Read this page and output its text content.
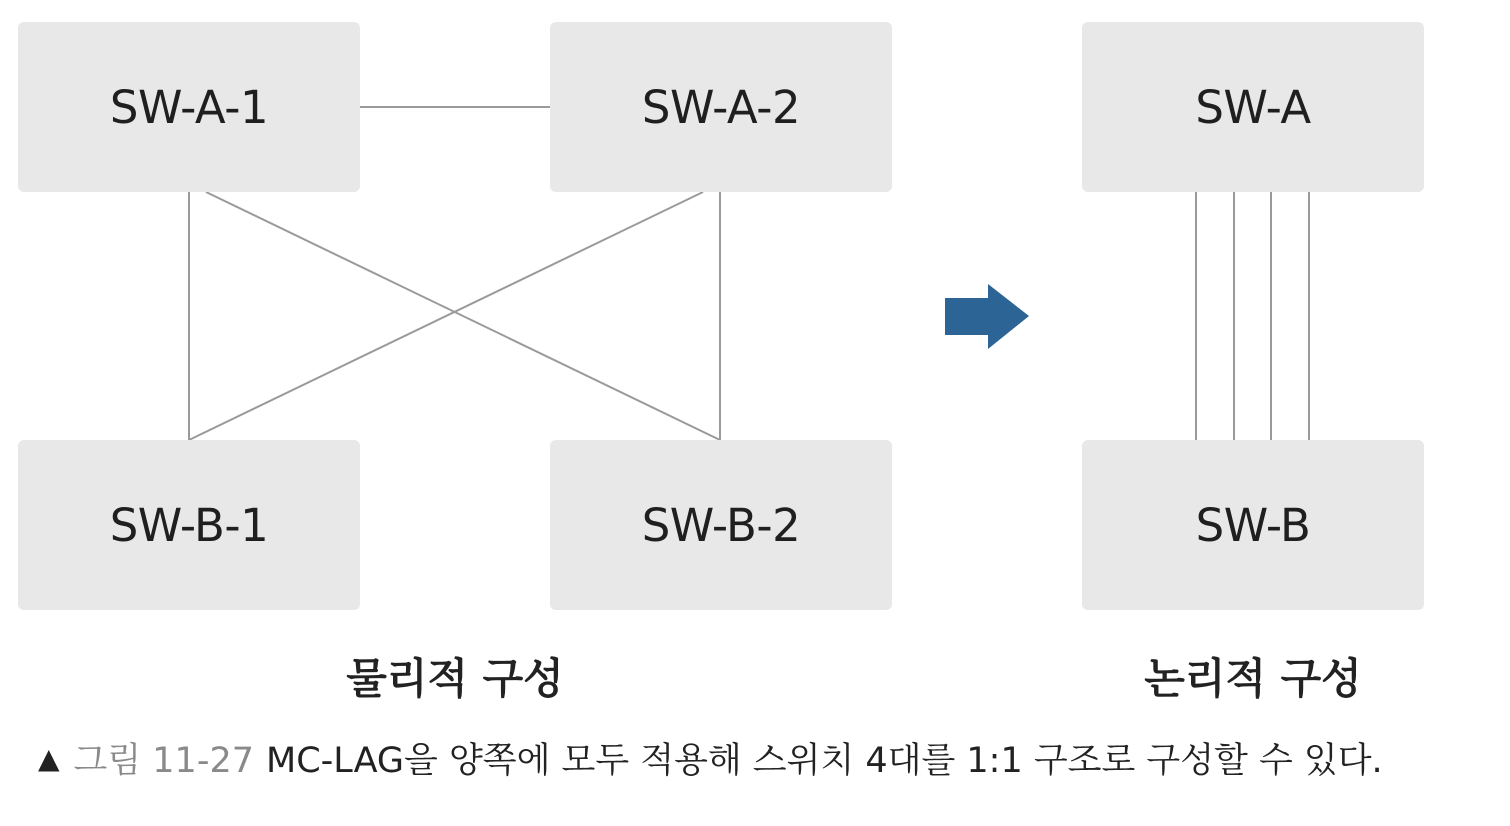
SW-A-1	SW-A-2
SW-B-1	SW-B-2
SW-A
SW-B
물리적 구성	논리적 구성
▲ 그림 11-27 MC-LAG을 양쪽에 모두 적용해 스위치 4대를 1:1 구조로 구성할 수 있다.
